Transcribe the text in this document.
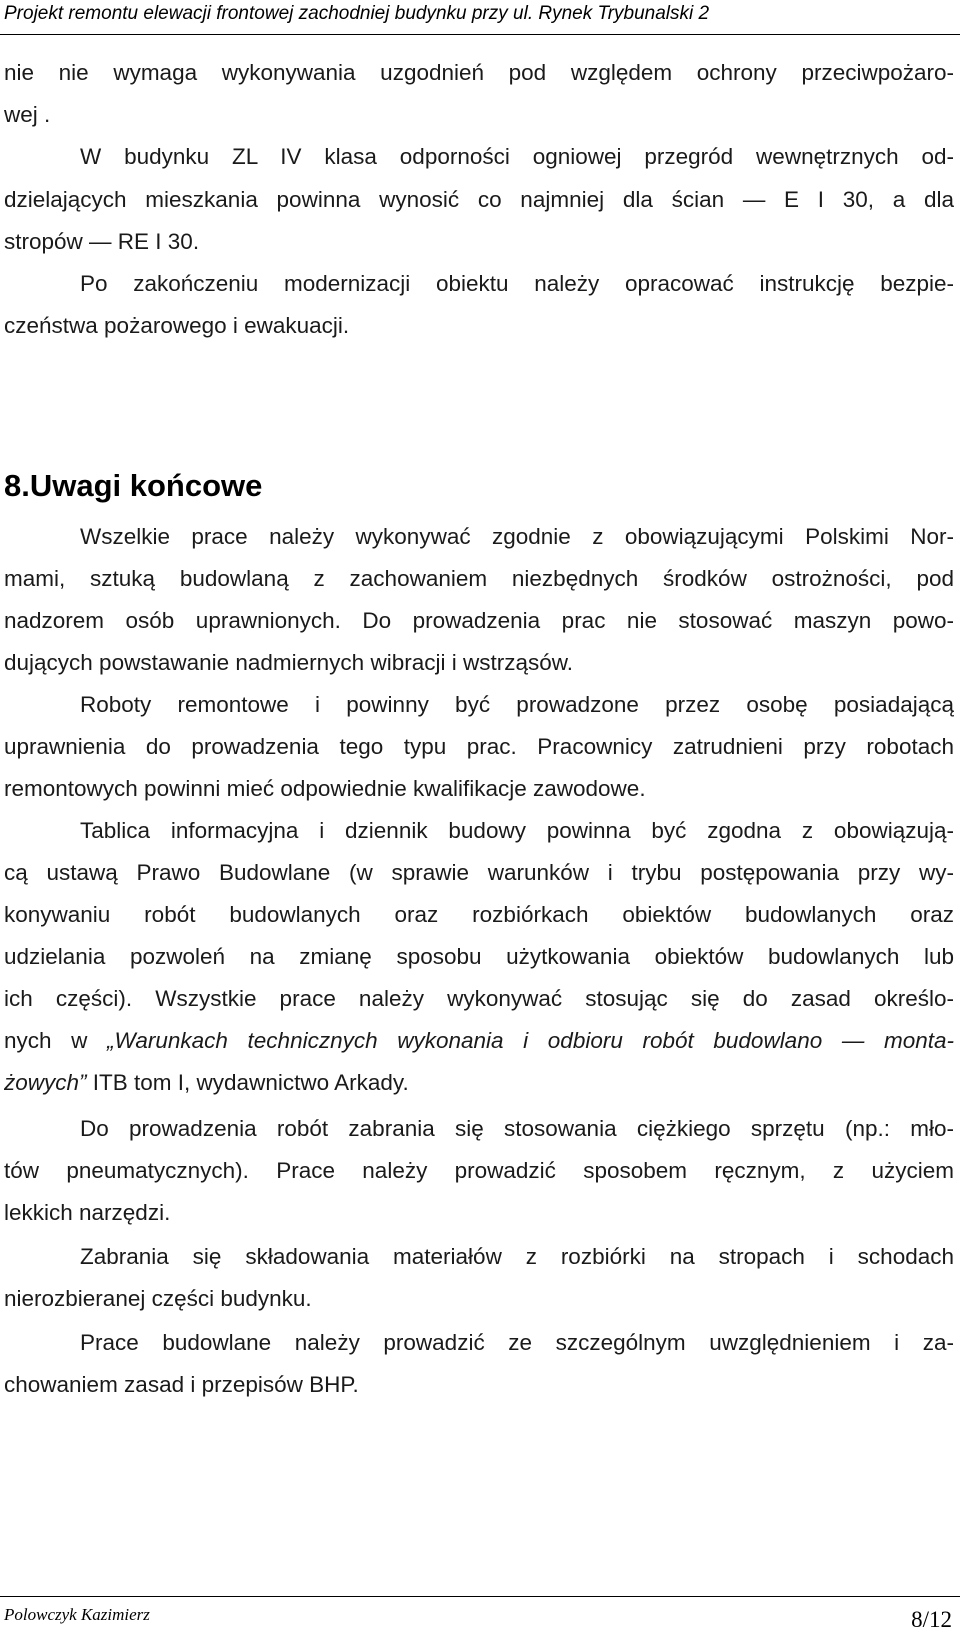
Projekt remontu elewacji frontowej zachodniej budynku przy ul. Rynek Trybunalski 2
nie nie wymaga wykonywania uzgodnień pod względem ochrony przeciwpożaro-
wej .
W budynku ZL IV klasa odporności ogniowej przegród wewnętrznych od-
dzielających mieszkania powinna wynosić co najmniej dla ścian — E I 30, a dla
stropów — RE I 30.
Po zakończeniu modernizacji obiektu należy opracować instrukcję bezpie-
czeństwa pożarowego i ewakuacji.
8.Uwagi końcowe
Wszelkie prace należy wykonywać zgodnie z obowiązującymi Polskimi Nor-
mami, sztuką budowlaną z zachowaniem niezbędnych środków ostrożności, pod
nadzorem osób uprawnionych. Do prowadzenia prac nie stosować maszyn powo-
dujących powstawanie nadmiernych wibracji i wstrząsów.
Roboty remontowe i powinny być prowadzone przez osobę posiadającą
uprawnienia do prowadzenia tego typu prac. Pracownicy zatrudnieni przy robotach
remontowych powinni mieć odpowiednie kwalifikacje zawodowe.
Tablica informacyjna i dziennik budowy powinna być zgodna z obowiązują-
cą ustawą Prawo Budowlane (w sprawie warunków i trybu postępowania przy wy-
konywaniu robót budowlanych oraz rozbiórkach obiektów budowlanych oraz
udzielania pozwoleń na zmianę sposobu użytkowania obiektów budowlanych lub
ich części). Wszystkie prace należy wykonywać stosując się do zasad określo-
nych w „Warunkach technicznych wykonania i odbioru robót budowlano — monta-
żowych” ITB tom I, wydawnictwo Arkady.
Do prowadzenia robót zabrania się stosowania ciężkiego sprzętu (np.: mło-
tów pneumatycznych). Prace należy prowadzić sposobem ręcznym, z użyciem
lekkich narzędzi.
Zabrania się składowania materiałów z rozbiórki na stropach i schodach
nierozbieranej części budynku.
Prace budowlane należy prowadzić ze szczególnym uwzględnieniem i za-
chowaniem zasad i przepisów BHP.
Polowczyk Kazimierz	8/12
